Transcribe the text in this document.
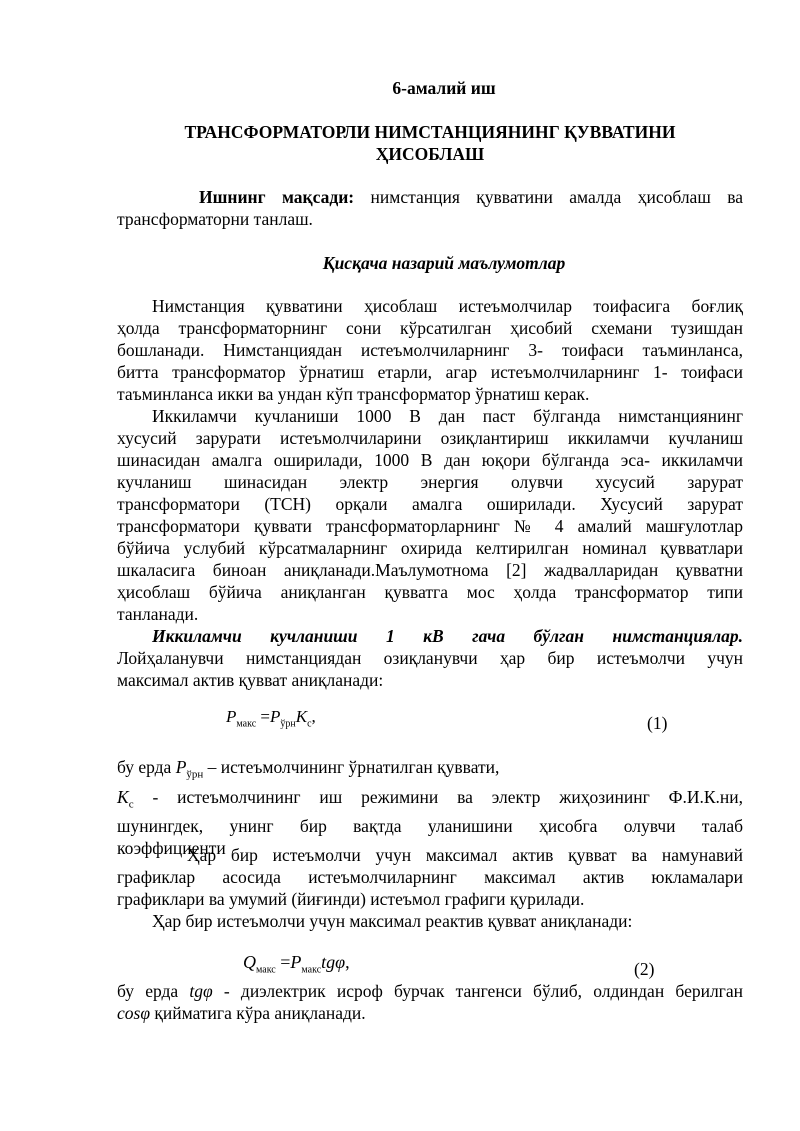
6-амалий иш
ТРАНСФОРМАТОРЛИ НИМСТАНЦИЯНИНГ ҚУВВАТИНИ
ҲИСОБЛАШ
Ишнинг мақсади: нимстанция қувватини амалда ҳисоблаш ва
трансформаторни танлаш.
Қисқача назарий маълумотлар
Нимстанция қувватини ҳисоблаш истеъмолчилар тоифасига боғлиқ
ҳолда трансформаторнинг сони кўрсатилган ҳисобий схемани тузишдан
бошланади. Нимстанциядан истеъмолчиларнинг 3- тоифаси таъминланса,
битта трансформатор ўрнатиш етарли, агар истеъмолчиларнинг 1- тоифаси
таъминланса икки ва ундан кўп трансформатор ўрнатиш керак.
Иккиламчи кучланиши 1000 В дан паст бўлганда нимстанциянинг
хусусий зарурати истеъмолчиларини озиқлантириш иккиламчи кучланиш
шинасидан амалга оширилади, 1000 В дан юқори бўлганда эса- иккиламчи
кучланиш шинасидан электр энергия олувчи хусусий зарурат
трансформатори (ТСН) орқали амалга оширилади. Хусусий зарурат
трансформатори қуввати трансформаторларнинг № 4 амалий машғулотлар
бўйича услубий кўрсатмаларнинг охирида келтирилган номинал қувватлари
шкаласига биноан аниқланади.Маълумотнома [2] жадвалларидан қувватни
ҳисоблаш бўйича аниқланган қувватга мос ҳолда трансформатор типи
танланади.
Иккиламчи кучланиши 1 кВ гача бўлган нимстанциялар.
Лойҳаланувчи нимстанциядан озиқланувчи ҳар бир истеъмолчи учун
максимал актив қувват аниқланади:
$P_{макс} =P_{ўрн}K_с$,	(1)
бу ерда $P_{ўрн}$ – истеъмолчининг ўрнатилган қуввати,
$K_с$ - истеъмолчининг иш режимини ва электр жиҳозининг Ф.И.К.ни,
шунингдек, унинг бир вақтда уланишини ҳисобга олувчи талаб
коэффициенти
Ҳар бир истеъмолчи учун максимал актив қувват ва намунавий
графиклар асосида истеъмолчиларнинг максимал актив юкламалари
графиклари ва умумий (йиғинди) истеъмол графиги қурилади.
Ҳар бир истеъмолчи учун максимал реактив қувват аниқланади:
$Q_{макс} =P_{макс}tg\varphi$,	(2)
бу ерда tgφ - диэлектрик исроф бурчак тангенси бўлиб, олдиндан берилган
cosφ қийматига кўра аниқланади.
